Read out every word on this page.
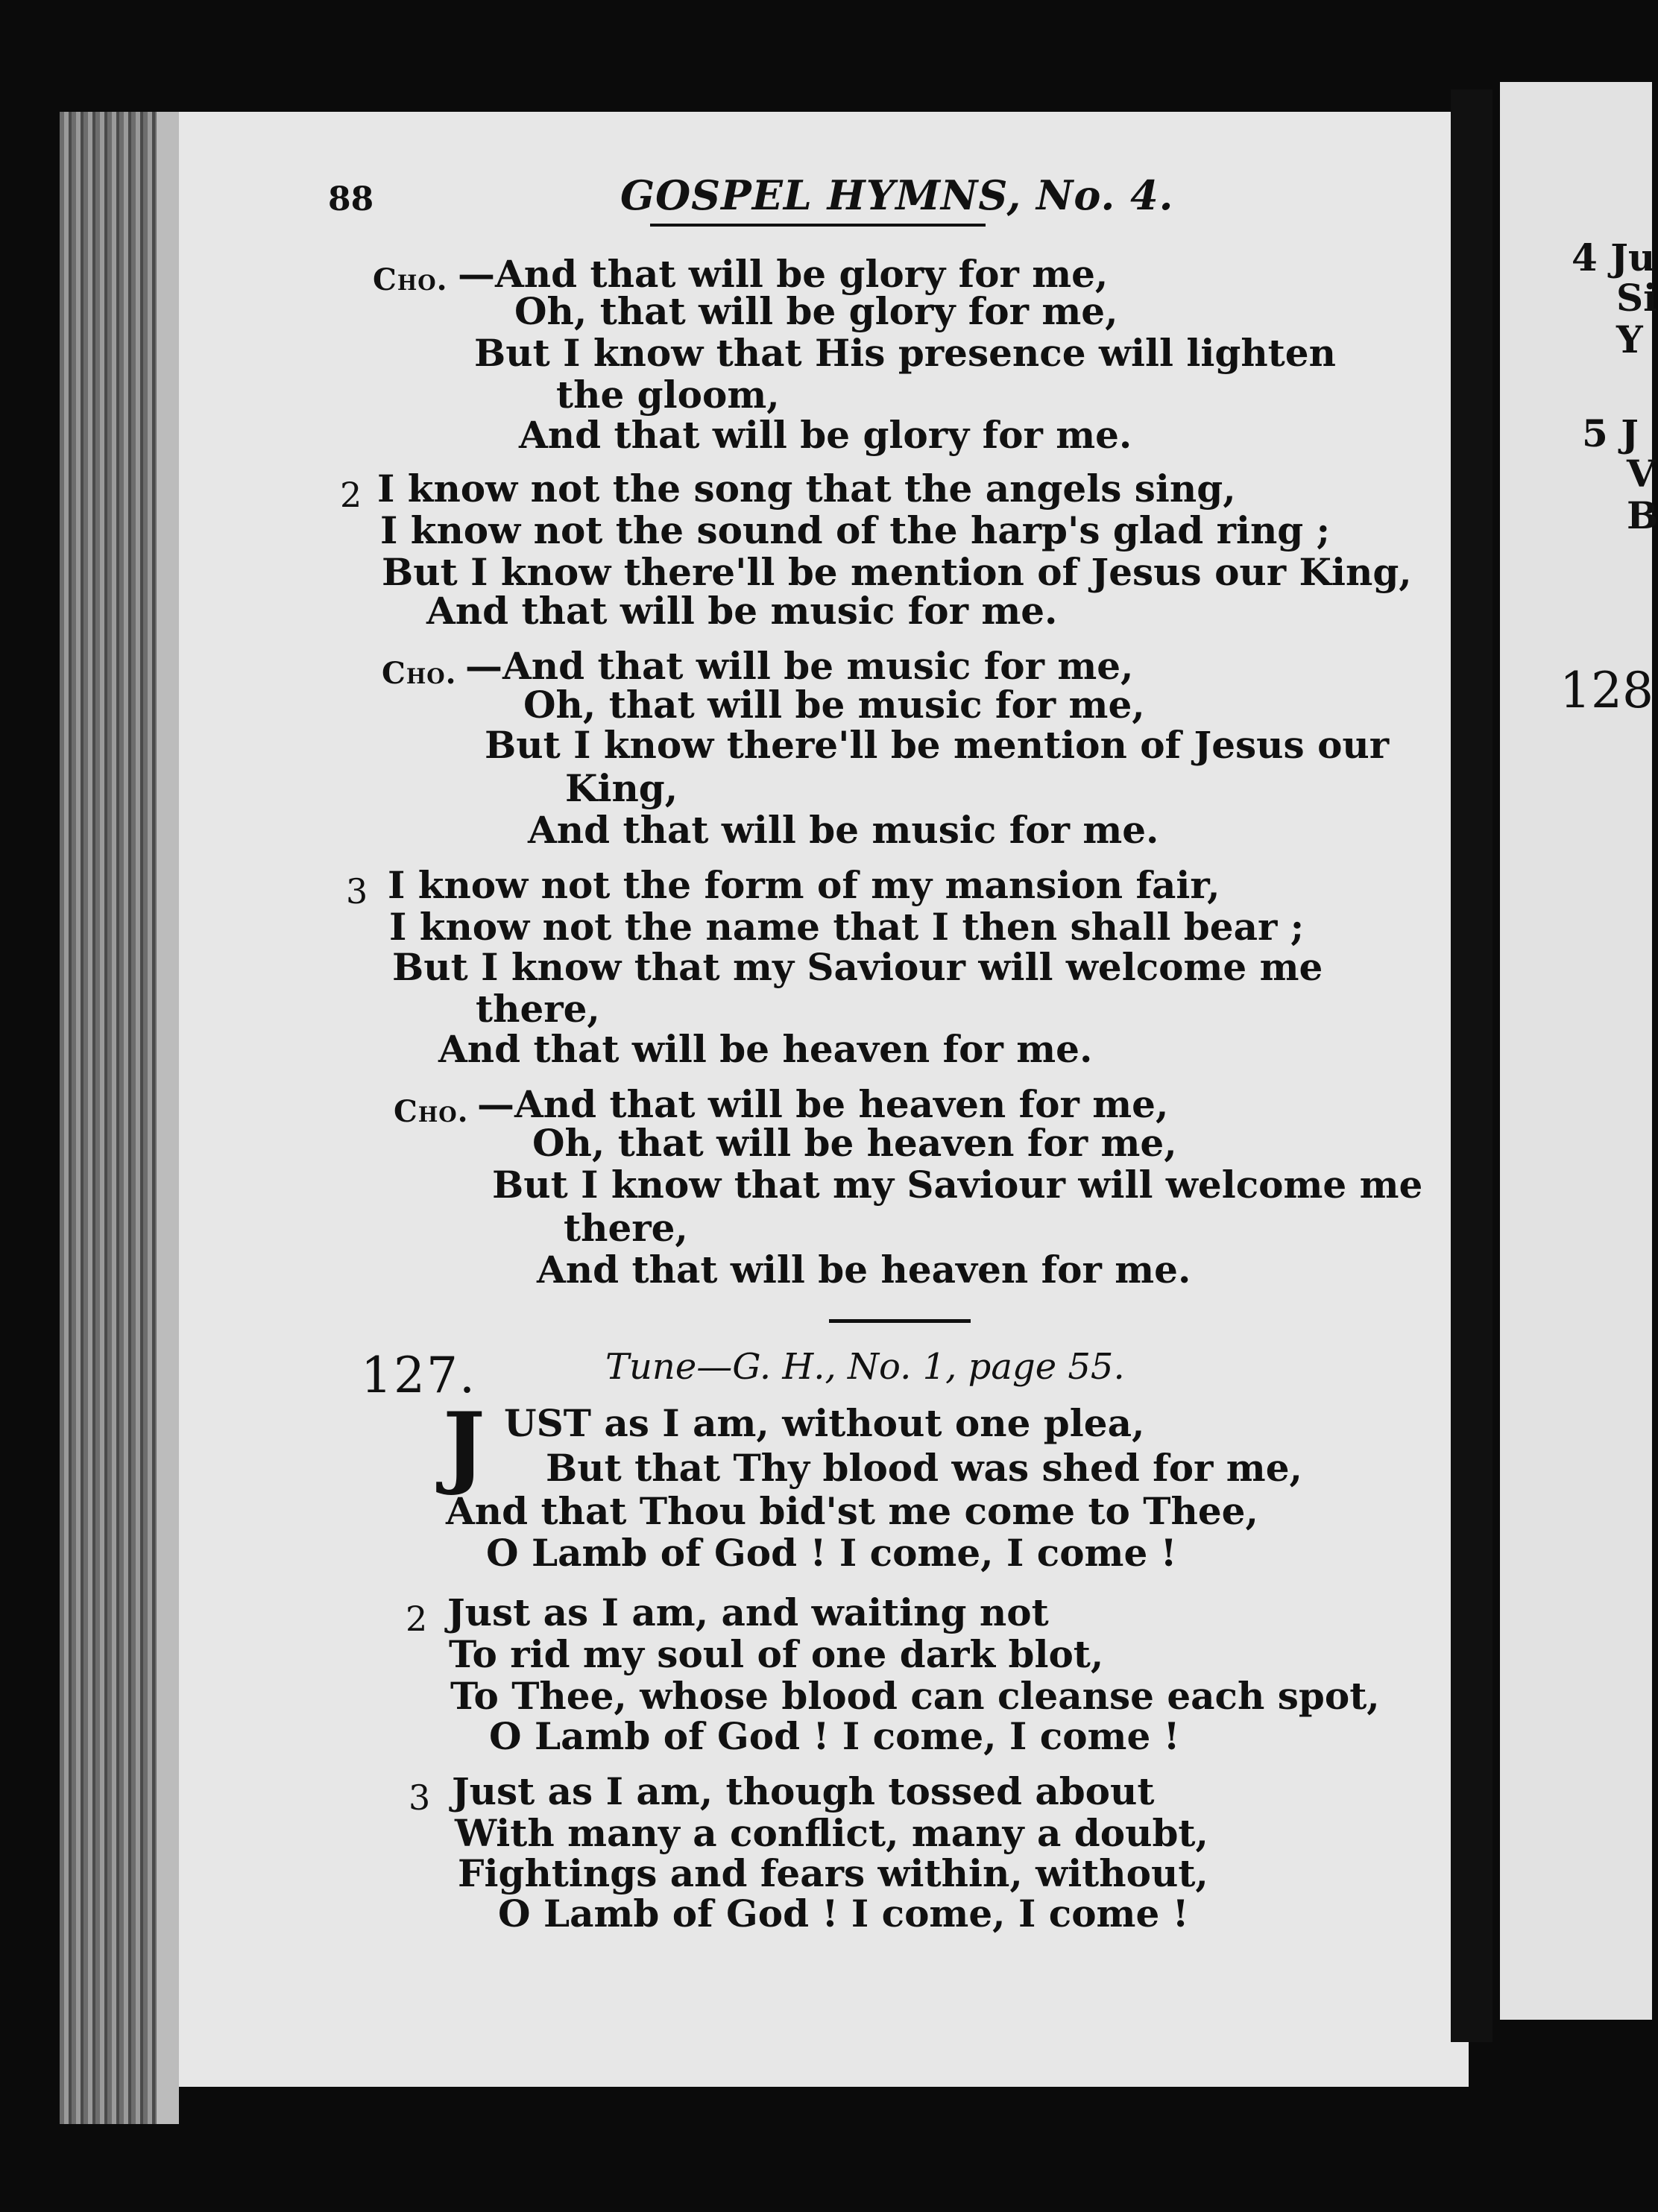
88	GOSPEL HYMNS, No. 4.
Cho. —And that will be glory for me,
Oh, that will be glory for me,
But I know that His presence will lighten
the gloom,
And that will be glory for me.
2 I know not the song that the angels sing,
I know not the sound of the harp's glad ring ;
But I know there'll be mention of Jesus our King,
And that will be music for me.
Cho. —And that will be music for me,
Oh, that will be music for me,
But I know there'll be mention of Jesus our
King,
And that will be music for me.
3 I know not the form of my mansion fair,
I know not the name that I then shall bear ;
But I know that my Saviour will welcome me
there,
And that will be heaven for me.
Cho. —And that will be heaven for me,
Oh, that will be heaven for me,
But I know that my Saviour will welcome me
there,
And that will be heaven for me.
127.	Tune—G. H., No. 1, page 55.
J UST as I am, without one plea,
But that Thy blood was shed for me,
And that Thou bid'st me come to Thee,
O Lamb of God ! I come, I come !
2 Just as I am, and waiting not
To rid my soul of one dark blot,
To Thee, whose blood can cleanse each spot,
O Lamb of God ! I come, I come !
3 Just as I am, though tossed about
With many a conflict, many a doubt,
Fightings and fears within, without,
O Lamb of God ! I come, I come !
4 Ju
Si
Y
5 J
V
B
128
